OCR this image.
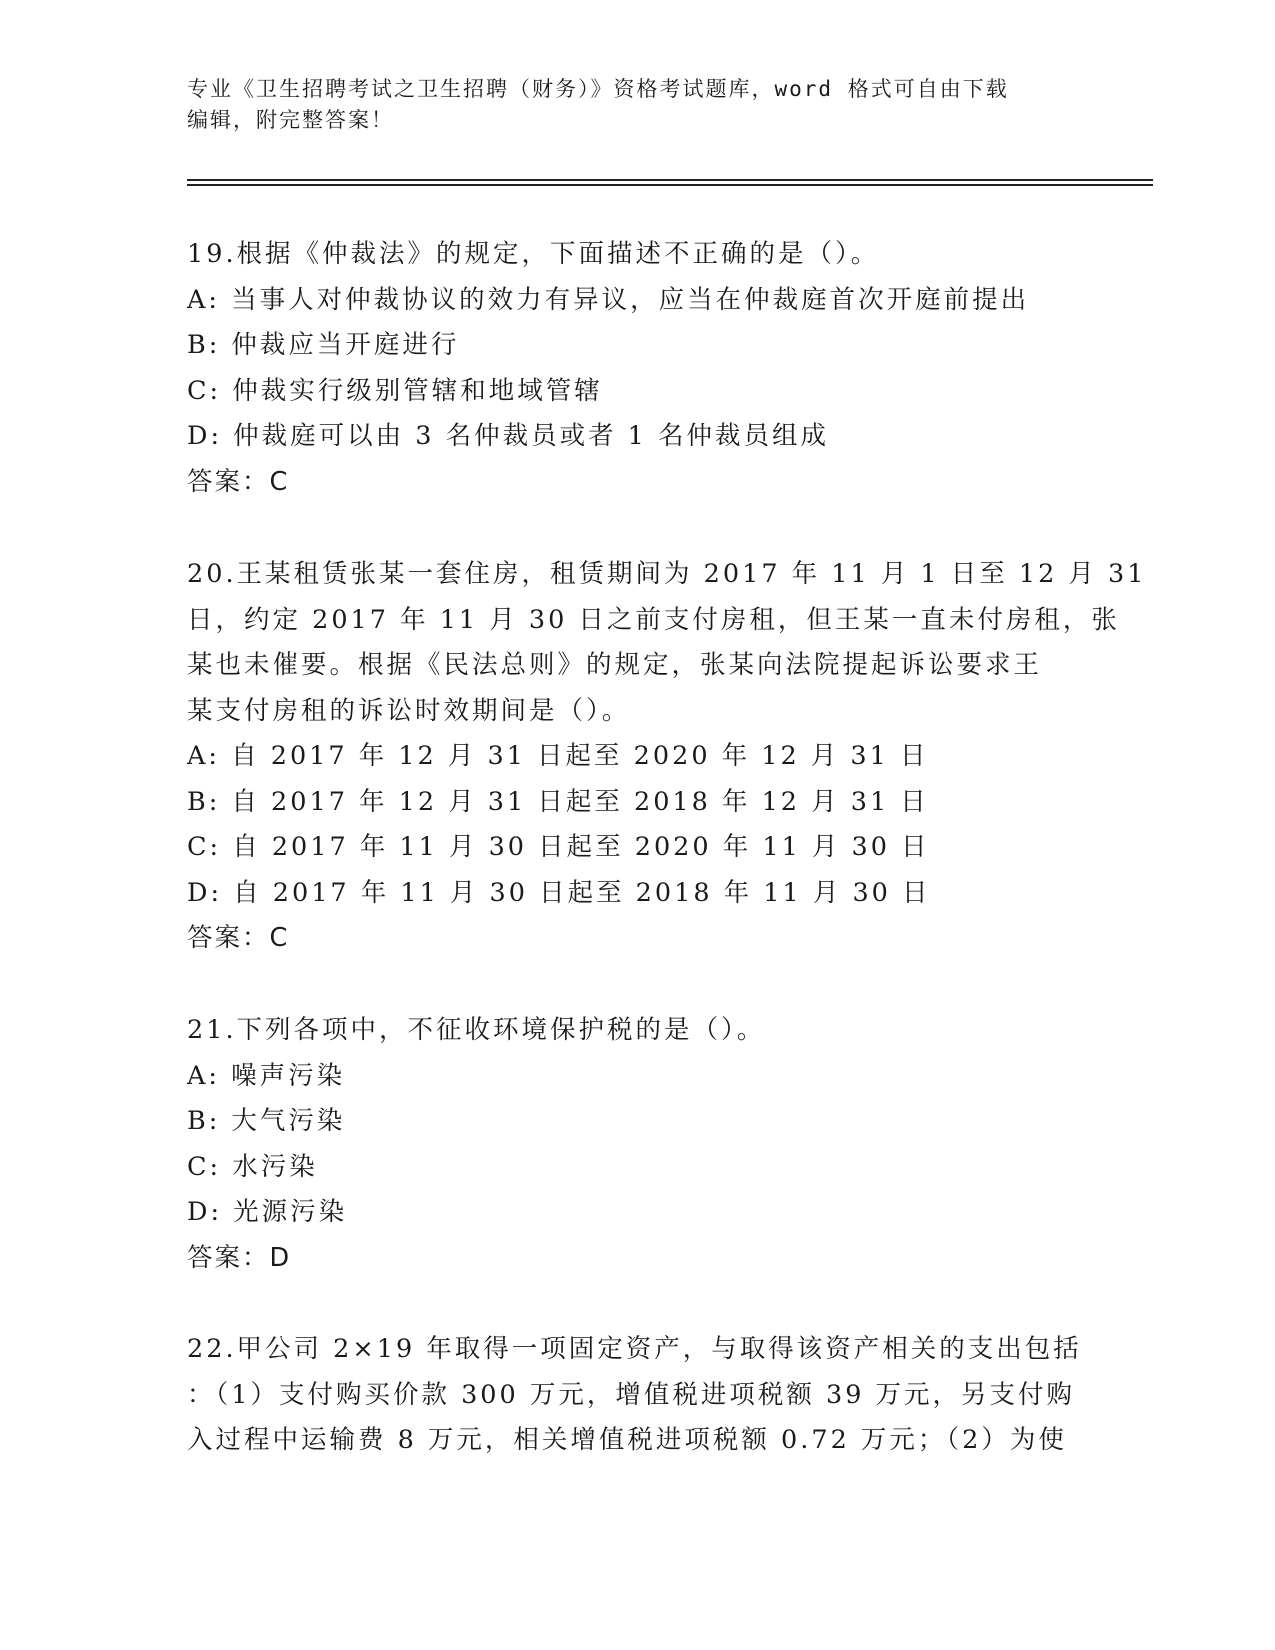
专业《卫生招聘考试之卫生招聘（财务）》资格考试题库，word 格式可自由下载
编辑，附完整答案！
19.根据《仲裁法》的规定，下面描述不正确的是（）。
A: 当事人对仲裁协议的效力有异议，应当在仲裁庭首次开庭前提出
B: 仲裁应当开庭进行
C: 仲裁实行级别管辖和地域管辖
D: 仲裁庭可以由 3 名仲裁员或者 1 名仲裁员组成
答案：C
20.王某租赁张某一套住房，租赁期间为 2017 年 11 月 1 日至 12 月 31
日，约定 2017 年 11 月 30 日之前支付房租，但王某一直未付房租，张
某也未催要。根据《民法总则》的规定，张某向法院提起诉讼要求王
某支付房租的诉讼时效期间是（）。
A: 自 2017 年 12 月 31 日起至 2020 年 12 月 31 日
B: 自 2017 年 12 月 31 日起至 2018 年 12 月 31 日
C: 自 2017 年 11 月 30 日起至 2020 年 11 月 30 日
D: 自 2017 年 11 月 30 日起至 2018 年 11 月 30 日
答案：C
21.下列各项中，不征收环境保护税的是（）。
A: 噪声污染
B: 大气污染
C: 水污染
D: 光源污染
答案：D
22.甲公司 2×19 年取得一项固定资产，与取得该资产相关的支出包括
：（1）支付购买价款 300 万元，增值税进项税额 39 万元，另支付购
入过程中运输费 8 万元，相关增值税进项税额 0.72 万元；（2）为使
